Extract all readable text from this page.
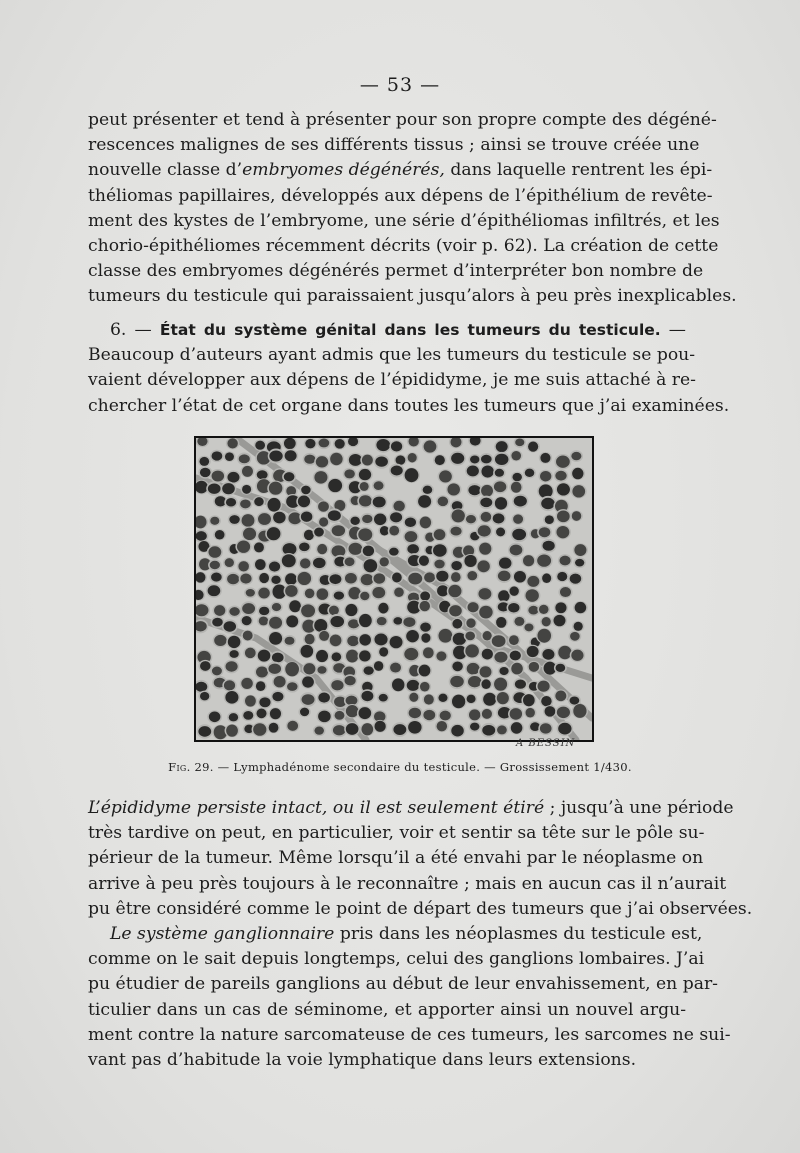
— 53 —
peut présenter et tend à présenter pour son propre compte des dégéné-
rescences malignes de ses différents tissus ; ainsi se trouve créée une
nouvelle classe d’embryomes dégénérés, dans laquelle rentrent les épi-
théliomas papillaires, développés aux dépens de l’épithélium de revête-
ment des kystes de l’embryome, une série d’épithéliomas infiltrés, et les
chorio-épithéliomes récemment décrits (voir p. 62). La création de cette
classe des embryomes dégénérés permet d’interpréter bon nombre de
tumeurs du testicule qui paraissaient jusqu’alors à peu près inexplicables.
6. — État du système génital dans les tumeurs du testicule. —
Beaucoup d’auteurs ayant admis que les tumeurs du testicule se pou-
vaient développer aux dépens de l’épididyme, je me suis attaché à re-
chercher l’état de cet organe dans toutes les tumeurs que j’ai examinées.
A BESSIN
Fig. 29. — Lymphadénome secondaire du testicule. — Grossissement 1/430.
L’épididyme persiste intact, ou il est seulement étiré ; jusqu’à une période
très tardive on peut, en particulier, voir et sentir sa tête sur le pôle su-
périeur de la tumeur. Même lorsqu’il a été envahi par le néoplasme on
arrive à peu près toujours à le reconnaître ; mais en aucun cas il n’aurait
pu être considéré comme le point de départ des tumeurs que j’ai observées.
Le système ganglionnaire pris dans les néoplasmes du testicule est,
comme on le sait depuis longtemps, celui des ganglions lombaires. J’ai
pu étudier de pareils ganglions au début de leur envahissement, en par-
ticulier dans un cas de séminome, et apporter ainsi un nouvel argu-
ment contre la nature sarcomateuse de ces tumeurs, les sarcomes ne sui-
vant pas d’habitude la voie lymphatique dans leurs extensions.
